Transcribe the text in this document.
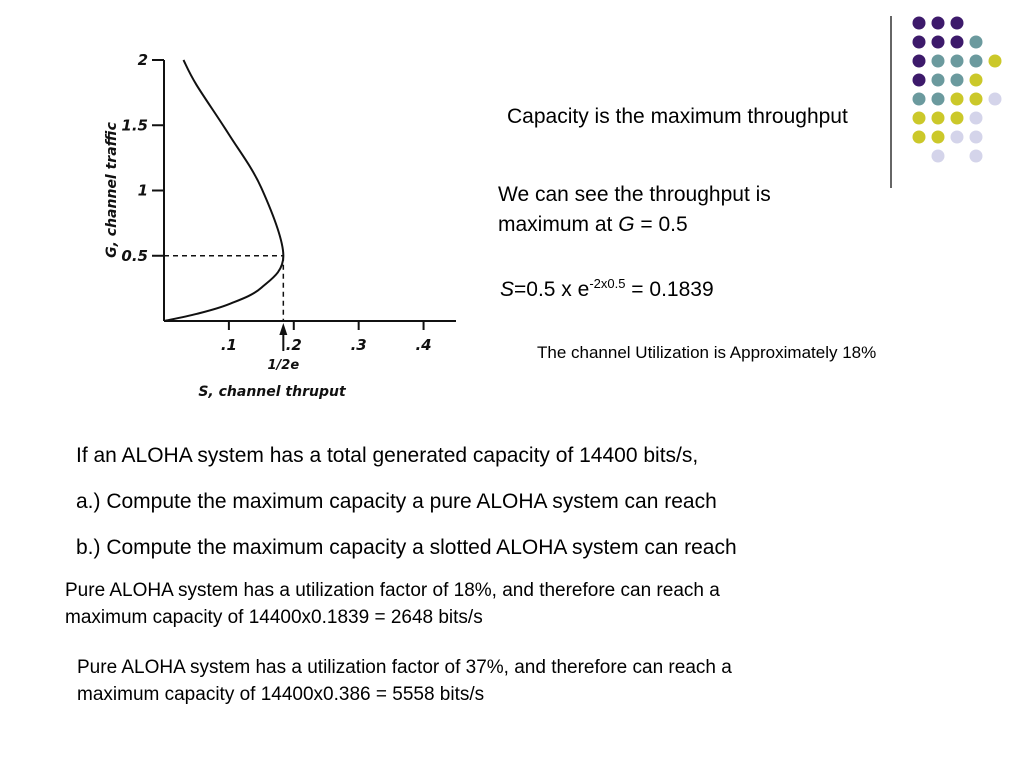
2
1.5
1
0.5
.1	.2	.3	.4
1/2e
S, channel thruput
G, channel traffic
Capacity is the maximum throughput
We can see the throughput is
maximum at G = 0.5
S=0.5 x $e^{-2x0.5} = 0.1839$
The channel Utilization is Approximately 18%
If an ALOHA system has a total generated capacity of 14400 bits/s,
a.) Compute the maximum capacity a pure ALOHA system can reach
b.) Compute the maximum capacity a slotted ALOHA system can reach
Pure ALOHA system has a utilization factor of 18%, and therefore can reach a
maximum capacity of 14400x0.1839 = 2648 bits/s
Pure ALOHA system has a utilization factor of 37%, and therefore can reach a
maximum capacity of 14400x0.386 = 5558 bits/s
